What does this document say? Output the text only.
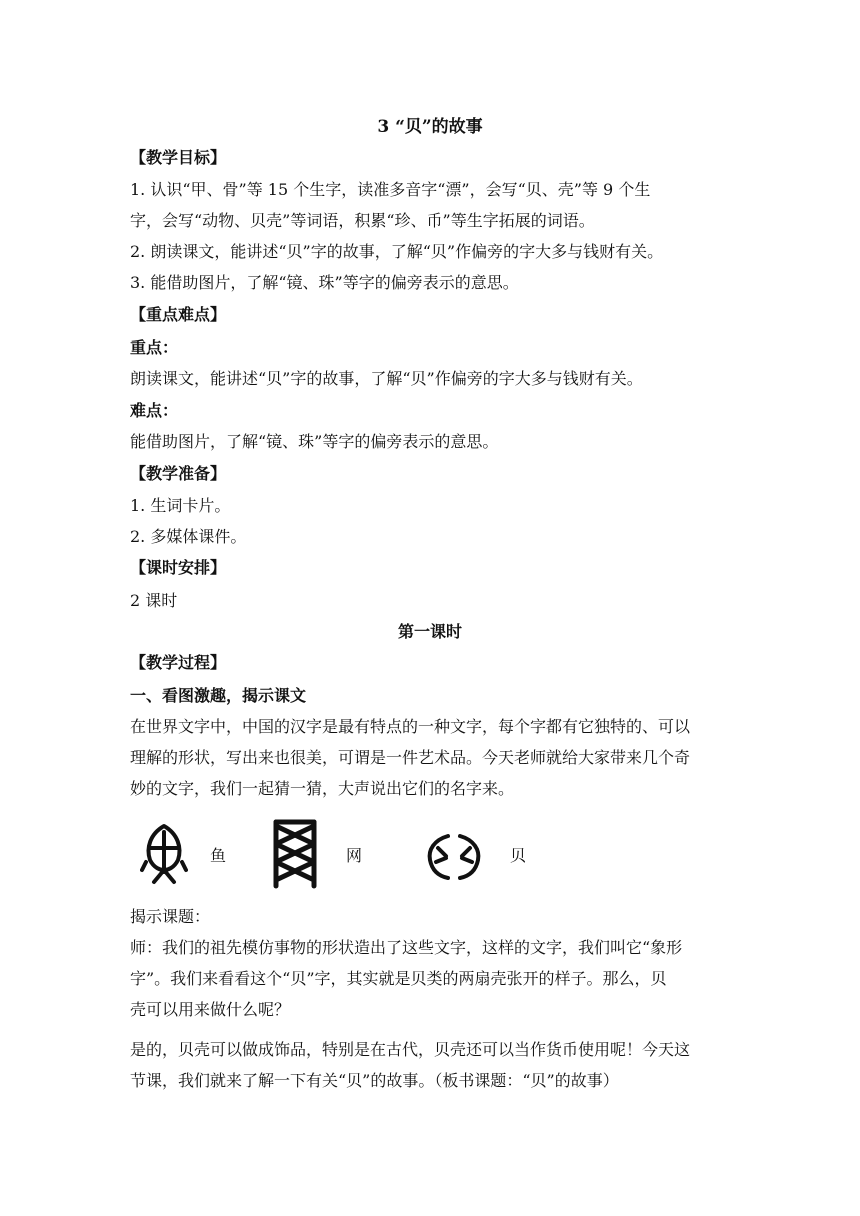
3 “贝”的故事
【教学目标】
1. 认识“甲、骨”等 15 个生字，读准多音字“漂”，会写“贝、壳”等 9 个生
字，会写“动物、贝壳”等词语，积累“珍、币”等生字拓展的词语。
2. 朗读课文，能讲述“贝”字的故事，了解“贝”作偏旁的字大多与钱财有关。
3. 能借助图片，了解“镜、珠”等字的偏旁表示的意思。
【重点难点】
重点：
朗读课文，能讲述“贝”字的故事，了解“贝”作偏旁的字大多与钱财有关。
难点：
能借助图片，了解“镜、珠”等字的偏旁表示的意思。
【教学准备】
1. 生词卡片。
2. 多媒体课件。
【课时安排】
2 课时
第一课时
【教学过程】
一、看图激趣，揭示课文
在世界文字中，中国的汉字是最有特点的一种文字，每个字都有它独特的、可以
理解的形状，写出来也很美，可谓是一件艺术品。今天老师就给大家带来几个奇
妙的文字，我们一起猜一猜，大声说出它们的名字来。
鱼	网	贝
揭示课题：
师：我们的祖先模仿事物的形状造出了这些文字，这样的文字，我们叫它“象形
字”。我们来看看这个“贝”字，其实就是贝类的两扇壳张开的样子。那么，贝
壳可以用来做什么呢？
是的，贝壳可以做成饰品，特别是在古代，贝壳还可以当作货币使用呢！今天这
节课，我们就来了解一下有关“贝”的故事。（板书课题：“贝”的故事）
